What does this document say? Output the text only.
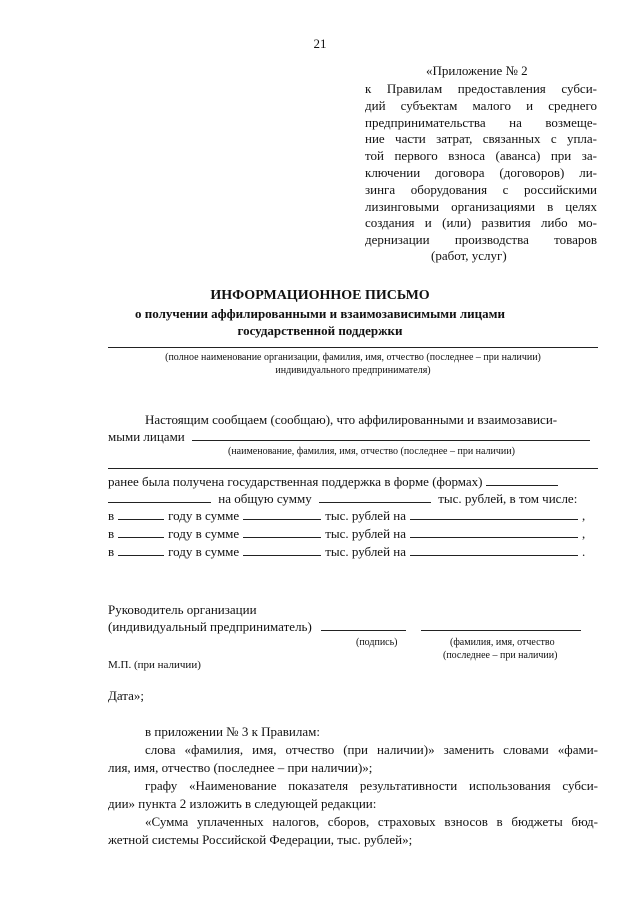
21
«Приложение № 2
к Правилам предоставления субси-
дий субъектам малого и среднего
предпринимательства на возмеще-
ние части затрат, связанных с упла-
той первого взноса (аванса) при за-
ключении договора (договоров) ли-
зинга оборудования с российскими
лизинговыми организациями в целях
создания и (или) развития либо мо-
дернизации производства товаров
(работ, услуг)
ИНФОРМАЦИОННОЕ ПИСЬМО
о получении аффилированными и взаимозависимыми лицами
государственной поддержки
(полное наименование организации, фамилия, имя, отчество (последнее – при наличии)
индивидуального предпринимателя)
Настоящим сообщаем (сообщаю), что аффилированными и взаимозависи-
мыми лицами
(наименование, фамилия, имя, отчество (последнее – при наличии)
ранее была получена государственная поддержка в форме (формах)
на общую сумму	тыс. рублей, в том числе:
в	году в сумме	тыс. рублей на	,
в	году в сумме	тыс. рублей на	,
в	году в сумме	тыс. рублей на	.
Руководитель организации
(индивидуальный предприниматель)
(подпись)	(фамилия, имя, отчество
(последнее – при наличии)
М.П. (при наличии)
Дата»;
в приложении № 3 к Правилам:
слова «фамилия, имя, отчество (при наличии)» заменить словами «фами-
лия, имя, отчество (последнее – при наличии)»;
графу «Наименование показателя результативности использования субси-
дии» пункта 2 изложить в следующей редакции:
«Сумма уплаченных налогов, сборов, страховых взносов в бюджеты бюд-
жетной системы Российской Федерации, тыс. рублей»;
